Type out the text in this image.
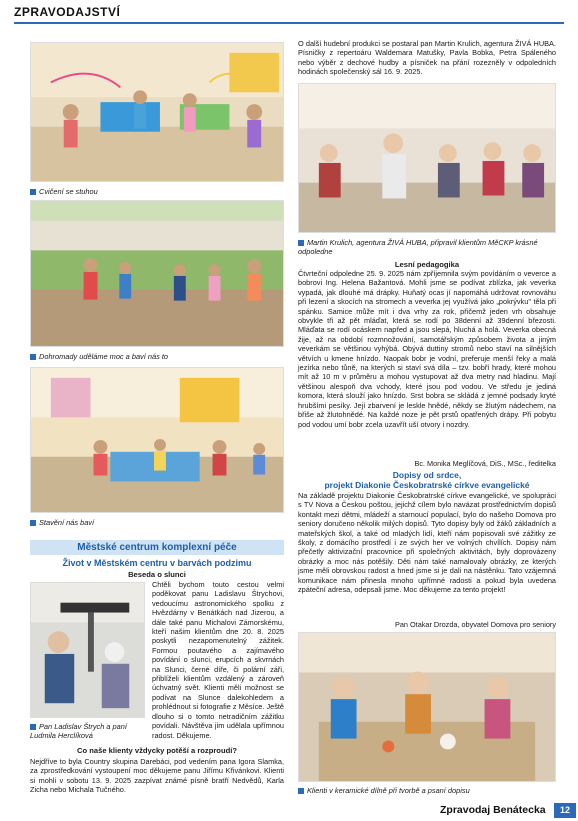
ZPRAVODAJSTVÍ
Cvičení se stuhou
Dohromady uděláme moc a baví nás to
Stavění nás baví
Městské centrum komplexní péče
Život v Městském centru v barvách podzimu
Beseda o slunci
Pan Ladislav Štrych a paní Ludmila Herclíková

Chtěli bychom touto cestou velmi poděkovat panu Ladislavu Štrychovi, vedoucímu astronomického spolku z Hvězdárny v Benátkách nad Jizerou, a dále také panu Michalovi Zámorskému, kteří našim klientům dne 20. 8. 2025 poskytli nezapomenutelný zážitek. Formou poutavého a zajímavého povídání o slunci, erupcích a skvrnách na Slunci, černé díře, či polární záři, přiblíželi klientům vzdálený a zároveň úchvatný svět. Klienti měli možnost se podívat na Slunce dalekohledem a prohlédnout si fotografie z Měsíce. Ještě dlouho si o tomto netradičním zážitku povídali. Návštěva jim udělala upřímnou radost. Děkujeme.

Co naše klienty vždycky potěší a rozproudí?

Nejdříve to byla Country skupina Darebáci, pod vedením pana Igora Slamka, za zprostředkování vystoupení moc děkujeme panu Jiřímu Křivánkovi. Klienti si mohli v sobotu 13. 9. 2025 zazpívat známé písně bratří Nedvědů, Karla Zicha nebo Michala Tučného.

O další hudební produkci se postaral pan Martin Krulich, agentura ŽIVÁ HUBA. Písničky z repertoáru Waldemara Matušky, Pavla Bobka, Petra Spáleného nebo výběr z dechové hudby a písniček na přání rozezněly v odpoledních hodinách společenský sál 16. 9. 2025.

Martin Krulich, agentura ŽIVÁ HUBA, připravil klientům MěCKP krásné odpoledne
Lesní pedagogika

Čtvrteční odpoledne 25. 9. 2025 nám zpříjemnila svým povídáním o veverce a bobrovi Ing. Helena Bažantová. Mohli jsme se podívat zblízka, jak veverka vypadá, jak dlouhé má drápky. Huňatý ocas jí napomáhá udržovat rovnováhu při lezení a skocích na stromech a veverka jej využívá jako „pokrývku" těla při spánku. Samice může mít i dva vrhy za rok, přičemž jeden vrh obsahuje obvykle tři až pět mláďat, která se rodí po 38denní až 39denní březosti. Mláďata se rodí ocáskem napřed a jsou slepá, hluchá a holá. Veverka obecná žije, až na období rozmnožování, samotářským způsobem života a jiným veverkám se většinou vyhýbá. Obývá duttiny stromů nebo staví na silnějších větvích u kmene hnízdo. Naopak bobr je vodní, preferuje menší řeky a malá jezírka nebo tůně, na kterých si staví svá díla – tzv. bobří hrady, které mohou mít až 10 m v průměru a mohou vystupovat až dva metry nad hladinu. Mají většinou alespoň dva vchody, které jsou pod vodou. Ve středu je jediná komora, která slouží jako hnízdo. Srst bobra se skládá z jemné podsady kryté hrubšími pesíky. Její zbarvení je leskle hnědé, někdy se žlutým nádechem, na břiše až žlutohnědé. Na každé noze je pět prstů opatřených drápy. Při pobytu pod vodou umí bobr zcela uzavřít uší otvory i nozdry.

Bc. Monika Meglíčová, DiS., MSc., ředitelka
Dopisy od srdce,
projekt Diakonie Českobratrské církve evangelické

Na základě projektu Diakonie Českobratrské církve evangelické, ve spolupráci s TV Nova a Českou poštou, jejichž cílem bylo navázat prostřednictvím dopisů kontakt mezi dětmi, mládeží a starnoucí populací, bylo do našeho Domova pro seniory doručeno několik milých dopisů. Tyto dopisy byly od žáků základních a mateřských škol, a také od mladých lidí, kteří nám popisovali své zážitky ze školy, z domácího prostředí i ze svých her ve volných chvílích. Dopisy nám přečetly aktivizační pracovnice při společných aktivitách, byly doprovázeny obrázky a moc nás potěšily. Děti nám také namalovaly obrázky, ze kterých jsme měli obrovskou radost a hned jsme si je dali na nástěnku. Tato vzájemná komunikace nám přinesla mnoho upřímné radosti a pokud byla uvedena zpáteční adresa, odepsali jsme. Moc děkujeme za tento projekt!

Pan Otakar Drozda, obyvatel Domova pro seniory
Klienti v keramické dílně při tvorbě a psaní dopisu
Zpravodaj Benátecka	12
